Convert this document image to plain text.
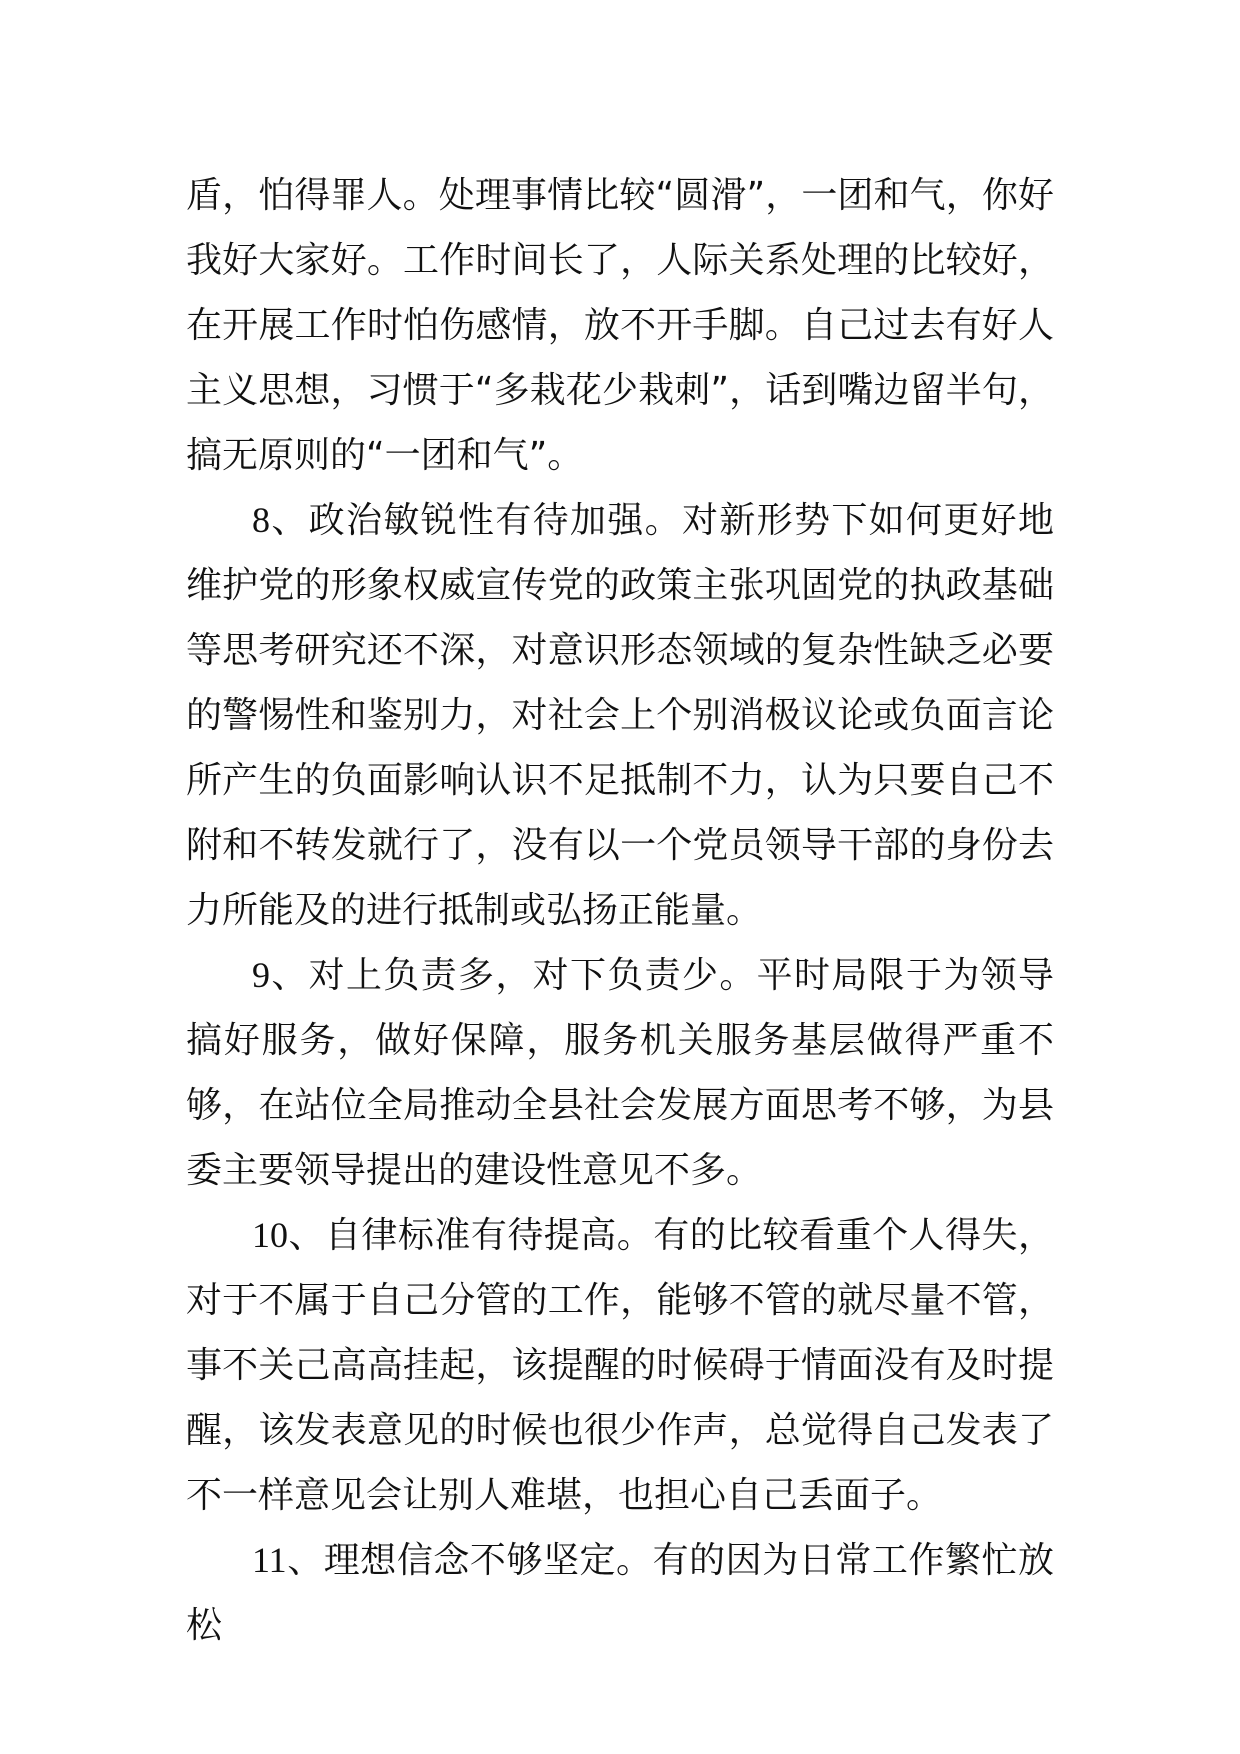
盾，怕得罪人。处理事情比较“圆滑”，一团和气，你好我好大家好。工作时间长了，人际关系处理的比较好，在开展工作时怕伤感情，放不开手脚。自己过去有好人主义思想，习惯于“多栽花少栽刺”，话到嘴边留半句，搞无原则的“一团和气”。

8、政治敏锐性有待加强。对新形势下如何更好地维护党的形象权威宣传党的政策主张巩固党的执政基础等思考研究还不深，对意识形态领域的复杂性缺乏必要的警惕性和鉴别力，对社会上个别消极议论或负面言论所产生的负面影响认识不足抵制不力，认为只要自己不附和不转发就行了，没有以一个党员领导干部的身份去力所能及的进行抵制或弘扬正能量。

9、对上负责多，对下负责少。平时局限于为领导搞好服务，做好保障，服务机关服务基层做得严重不够，在站位全局推动全县社会发展方面思考不够，为县委主要领导提出的建设性意见不多。

10、自律标准有待提高。有的比较看重个人得失，对于不属于自己分管的工作，能够不管的就尽量不管，事不关己高高挂起，该提醒的时候碍于情面没有及时提醒，该发表意见的时候也很少作声，总觉得自己发表了不一样意见会让别人难堪，也担心自己丢面子。

11、理想信念不够坚定。有的因为日常工作繁忙放松
